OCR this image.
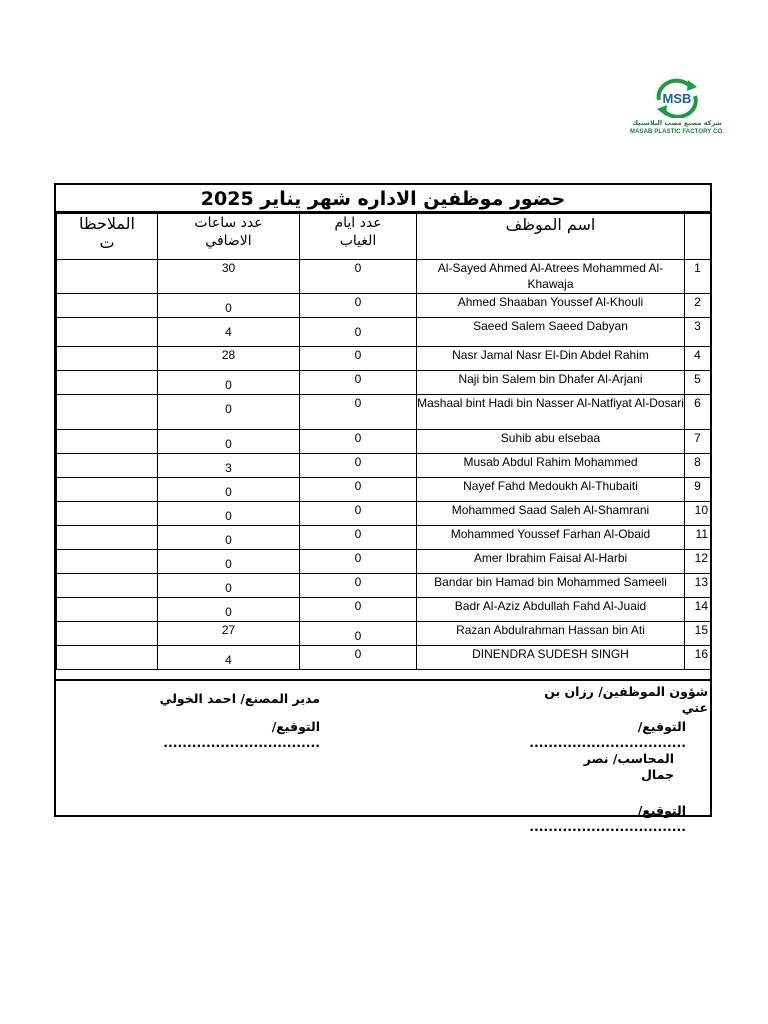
MSB
شركة مصنع مصب البلاستيك
MASAB PLASTIC FACTORY CO.
حضور موظفين الاداره شهر يناير 2025
الملاحظات	عدد ساعات الاضافي	عدد ايام الغياب	اسم الموظف	
	30	0	Al-Sayed Ahmed Al-Atrees Mohammed Al-Khawaja	1
	0	0	Ahmed Shaaban Youssef Al-Khouli	2
	4	0	Saeed Salem Saeed Dabyan	3
	28	0	Nasr Jamal Nasr El-Din Abdel Rahim	4
	0	0	Naji bin Salem bin Dhafer Al-Arjani	5
	0	0	Mashaal bint Hadi bin Nasser Al-Natfiyat Al-Dosari	6
	0	0	Suhib abu elsebaa	7
	3	0	Musab Abdul Rahim Mohammed	8
	0	0	Nayef Fahd Medoukh Al-Thubaiti	9
	0	0	Mohammed Saad Saleh Al-Shamrani	10
	0	0	Mohammed Youssef Farhan Al-Obaid	11
	0	0	Amer Ibrahim Faisal Al-Harbi	12
	0	0	Bandar bin Hamad bin Mohammed Sameeli	13
	0	0	Badr Al-Aziz Abdullah Fahd Al-Juaid	14
	27	0	Razan Abdulrahman Hassan bin Ati	15
	4	0	DINENDRA SUDESH SINGH	16
شؤون الموظفين/ رزان بن عتي
التوقيع/ .................................
مدير المصنع/ احمد الخولي
التوقيع/ .................................
المحاسب/ نصر جمال
التوقيع/ .................................
